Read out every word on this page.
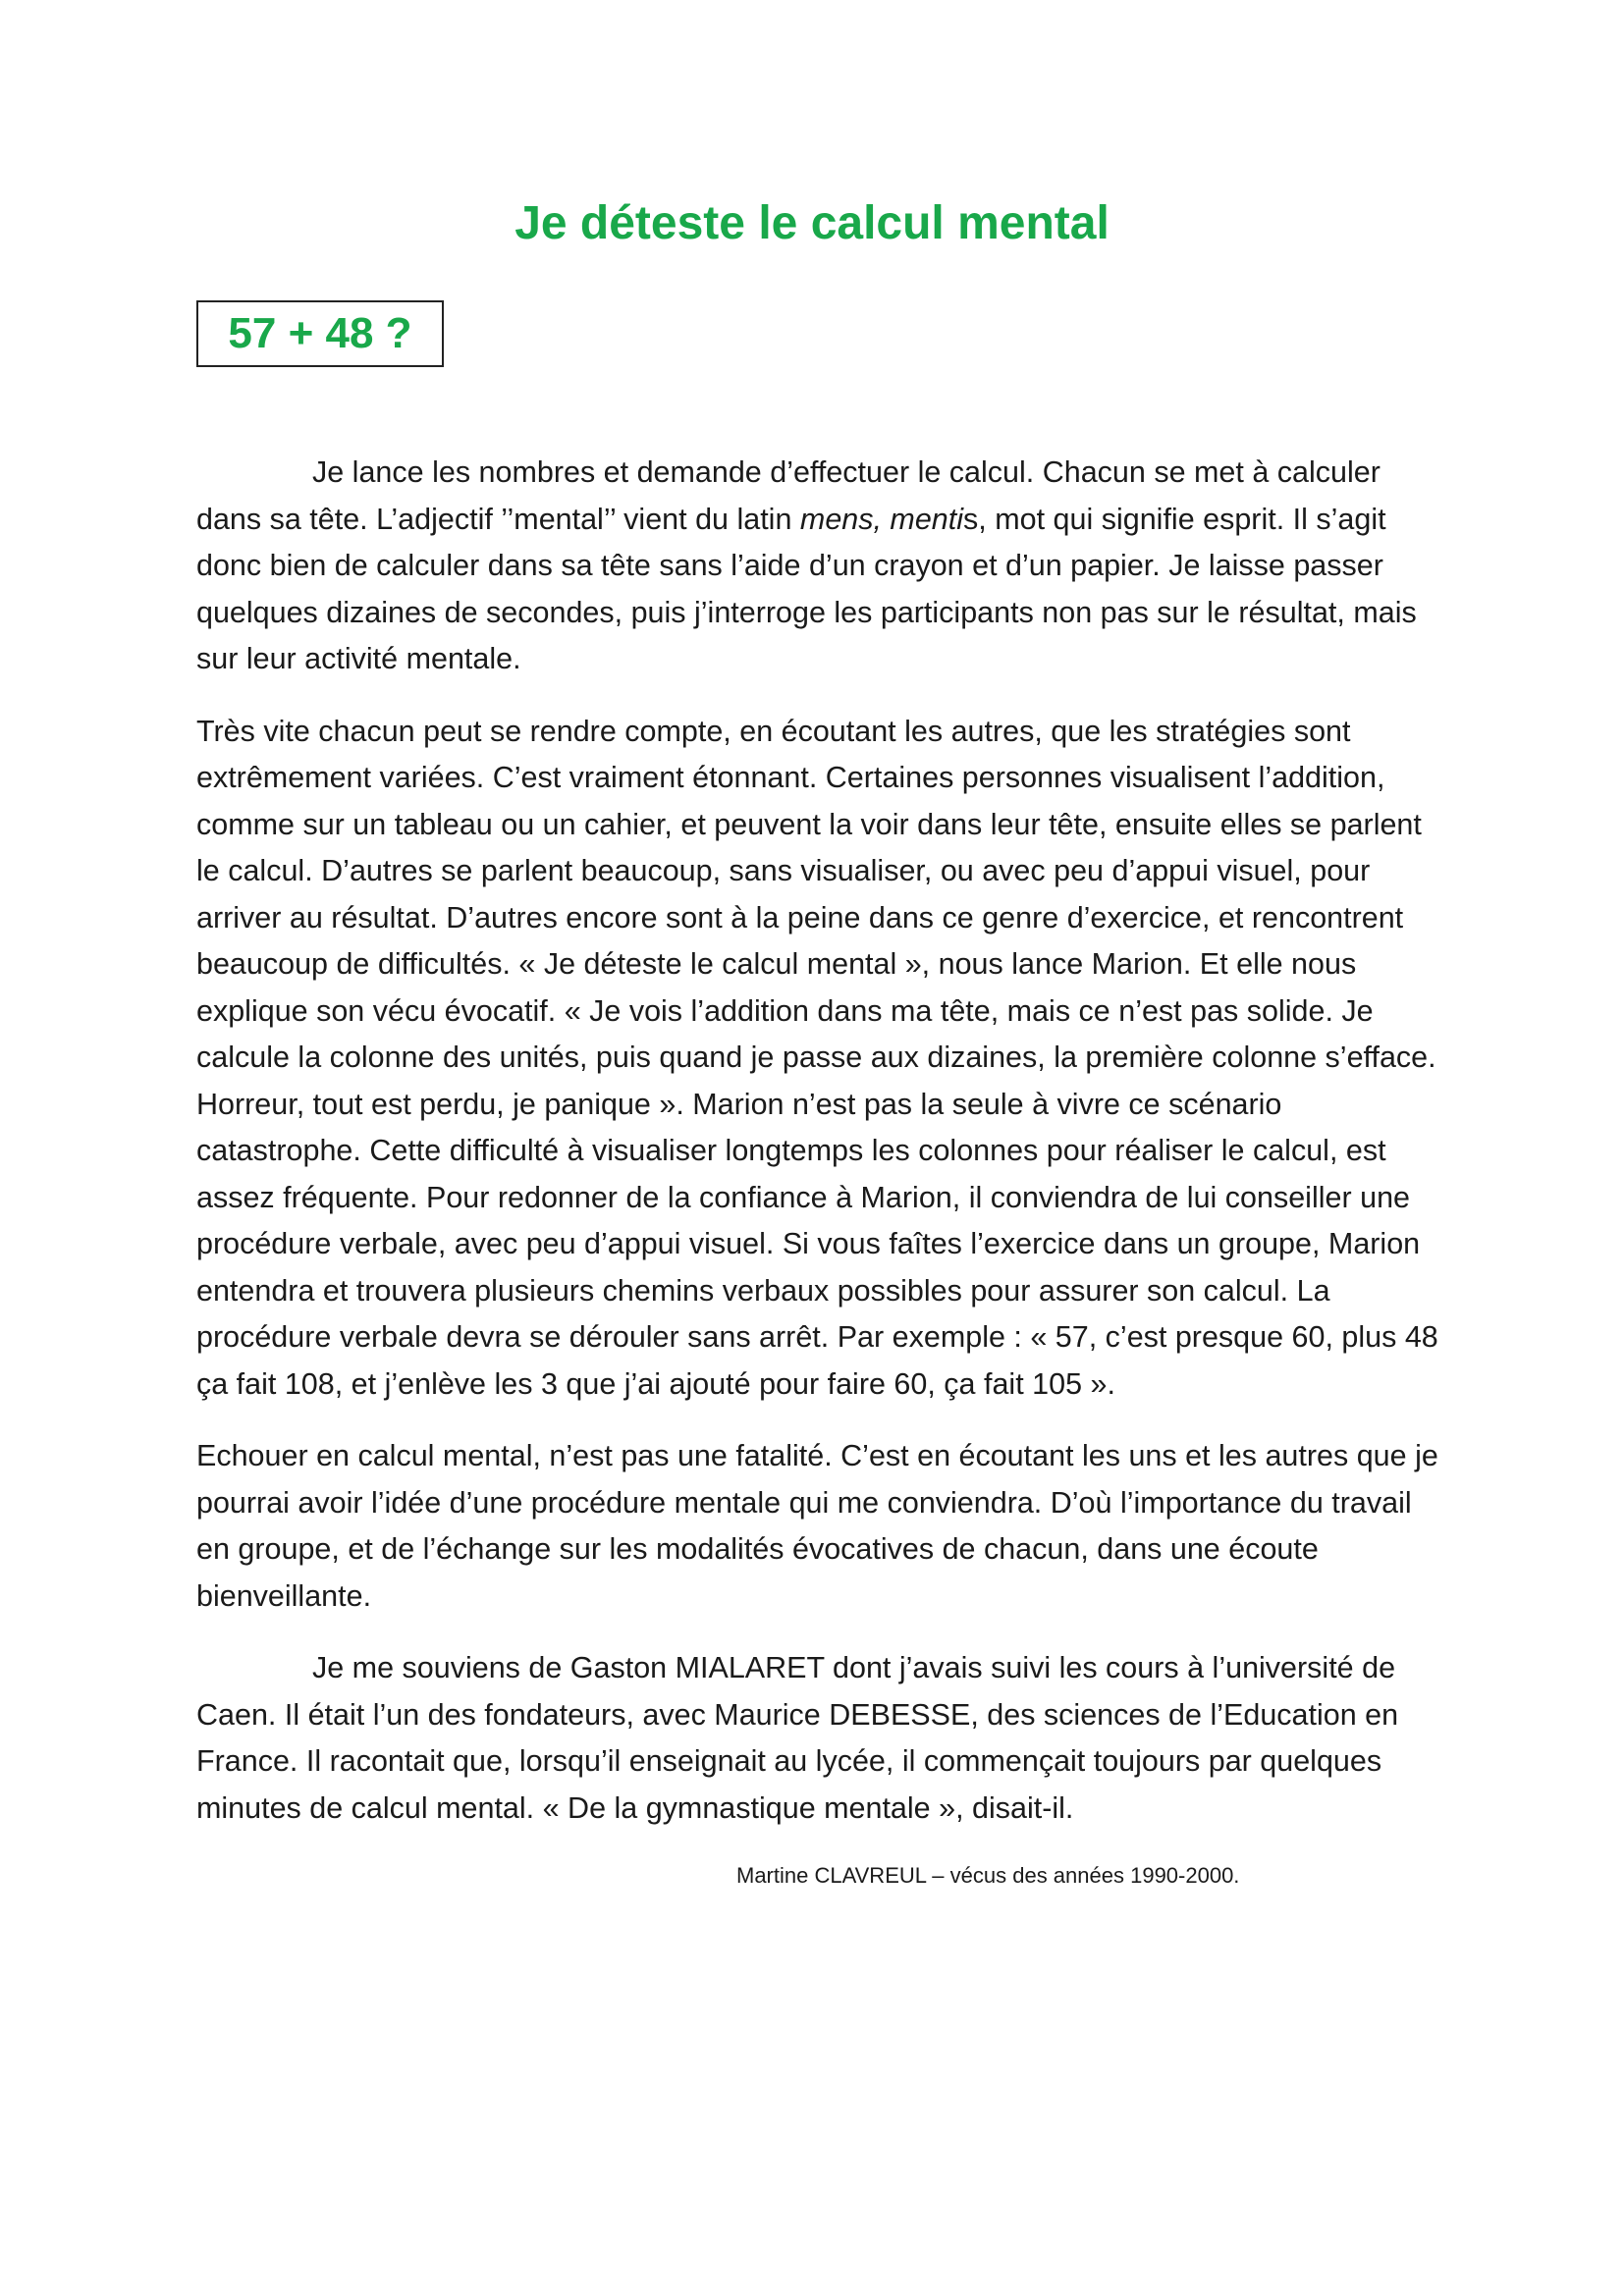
Je déteste le calcul mental
57 + 48 ?

Je lance les nombres et demande d’effectuer le calcul. Chacun se met à calculer dans sa tête. L’adjectif ’’mental’’ vient du latin mens, mentis, mot qui signifie esprit. Il s’agit donc bien de calculer dans sa tête sans l’aide d’un crayon et d’un papier. Je laisse passer quelques dizaines de secondes, puis j’interroge les participants non pas sur le résultat, mais sur leur activité mentale.

Très vite chacun peut se rendre compte, en écoutant les autres, que les stratégies sont extrêmement variées. C’est vraiment étonnant. Certaines personnes visualisent l’addition, comme sur un tableau ou un cahier, et peuvent la voir dans leur tête, ensuite elles se parlent le calcul. D’autres se parlent beaucoup, sans visualiser, ou avec peu d’appui visuel, pour arriver au résultat. D’autres encore sont à la peine dans ce genre d’exercice, et rencontrent beaucoup de difficultés. « Je déteste le calcul mental », nous lance Marion. Et elle nous explique son vécu évocatif. « Je vois l’addition dans ma tête, mais ce n’est pas solide. Je calcule la colonne des unités, puis quand je passe aux dizaines, la première colonne s’efface. Horreur, tout est perdu, je panique ». Marion n’est pas la seule à vivre ce scénario catastrophe. Cette difficulté à visualiser longtemps les colonnes pour réaliser le calcul, est assez fréquente. Pour redonner de la confiance à Marion, il conviendra de lui conseiller une procédure verbale, avec peu d’appui visuel. Si vous faîtes l’exercice dans un groupe, Marion entendra et trouvera plusieurs chemins verbaux possibles pour assurer son calcul. La procédure verbale devra se dérouler sans arrêt. Par exemple : « 57, c’est presque 60, plus 48 ça fait 108, et j’enlève les 3 que j’ai ajouté pour faire 60, ça fait 105 ».

Echouer en calcul mental, n’est pas une fatalité. C’est en écoutant les uns et les autres que je pourrai avoir l’idée d’une procédure mentale qui me conviendra. D’où l’importance du travail en groupe, et de l’échange sur les modalités évocatives de chacun, dans une écoute bienveillante.

Je me souviens de Gaston MIALARET dont j’avais suivi les cours à l’université de Caen. Il était l’un des fondateurs, avec Maurice DEBESSE, des sciences de l’Education en France. Il racontait que, lorsqu’il enseignait au lycée, il commençait toujours par quelques minutes de calcul mental. « De la gymnastique mentale », disait-il.

Martine CLAVREUL – vécus des années 1990-2000.
